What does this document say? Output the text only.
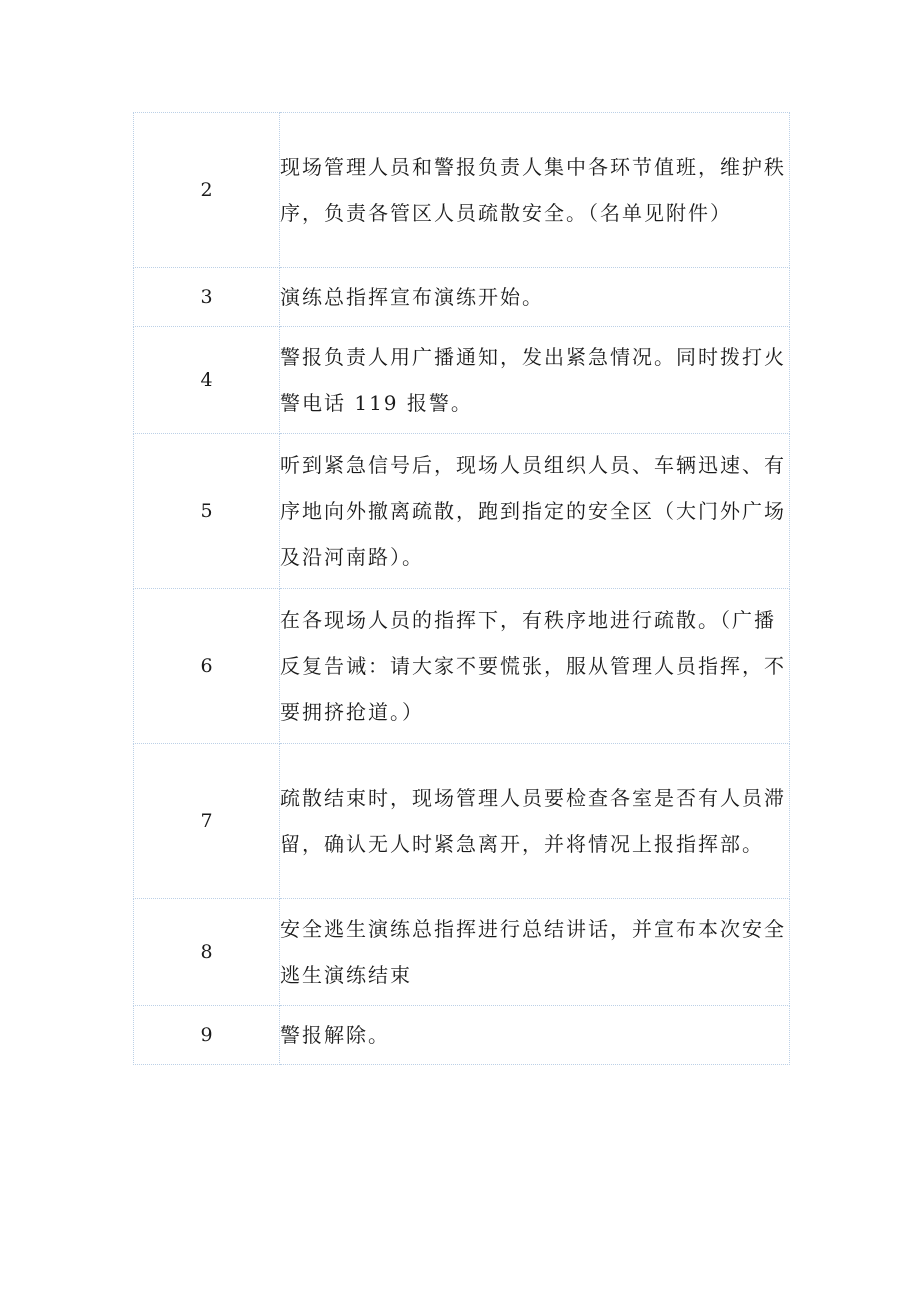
2	现场管理人员和警报负责人集中各环节值班，维护秩序，负责各管区人员疏散安全。（名单见附件）
3	演练总指挥宣布演练开始。
4	警报负责人用广播通知，发出紧急情况。同时拨打火警电话 119 报警。
5	听到紧急信号后，现场人员组织人员、车辆迅速、有序地向外撤离疏散，跑到指定的安全区（大门外广场及沿河南路）。
6	在各现场人员的指挥下，有秩序地进行疏散。（广播反复告诫：请大家不要慌张，服从管理人员指挥，不要拥挤抢道。）
7	疏散结束时，现场管理人员要检查各室是否有人员滞留，确认无人时紧急离开，并将情况上报指挥部。
8	安全逃生演练总指挥进行总结讲话，并宣布本次安全逃生演练结束
9	警报解除。
